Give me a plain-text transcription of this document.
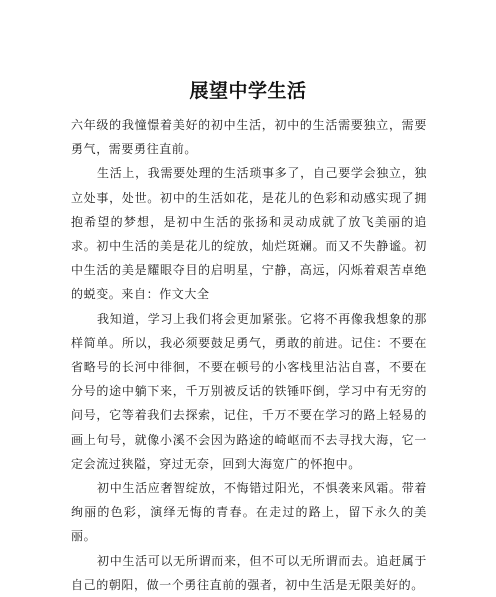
展望中学生活

六年级的我憧憬着美好的初中生活，初中的生活需要独立，需要勇气，需要勇往直前。

生活上，我需要处理的生活琐事多了，自己要学会独立，独立处事，处世。初中的生活如花，是花儿的色彩和动感实现了拥抱希望的梦想，是初中生活的张扬和灵动成就了放飞美丽的追求。初中生活的美是花儿的绽放，灿烂斑斓。而又不失静谧。初中生活的美是耀眼夺目的启明星，宁静，高远，闪烁着艰苦卓绝的蜕变。来自：作文大全

我知道，学习上我们将会更加紧张。它将不再像我想象的那样简单。所以，我必须要鼓足勇气，勇敢的前进。记住：不要在省略号的长河中徘徊，不要在顿号的小客栈里沾沾自喜，不要在分号的途中躺下来，千万别被反话的铁锤吓倒，学习中有无穷的问号，它等着我们去探索，记住，千万不要在学习的路上轻易的画上句号，就像小溪不会因为路途的崎岖而不去寻找大海，它一定会流过狭隘，穿过无奈，回到大海宽广的怀抱中。

初中生活应奢智绽放，不悔错过阳光，不惧袭来风霜。带着绚丽的色彩，演绎无悔的青春。在走过的路上，留下永久的美丽。

初中生活可以无所谓而来，但不可以无所谓而去。追赶属于自己的朝阳，做一个勇往直前的强者，初中生活是无限美好的。
